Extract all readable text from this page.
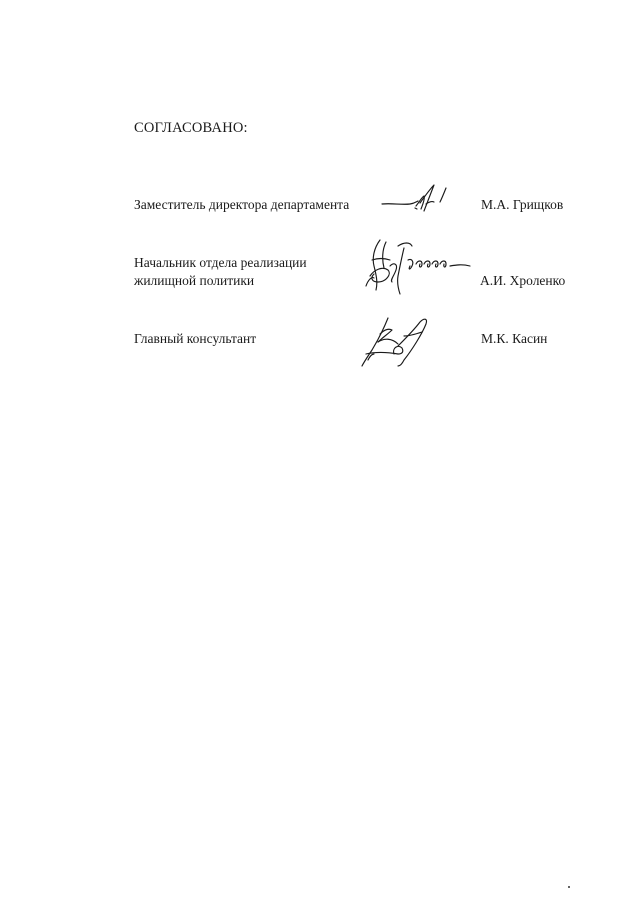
СОГЛАСОВАНО:
Заместитель директора департамента	М.А. Грищков
Начальник отдела реализации
жилищной политики	А.И. Хроленко
Главный консультант	М.К. Касин
